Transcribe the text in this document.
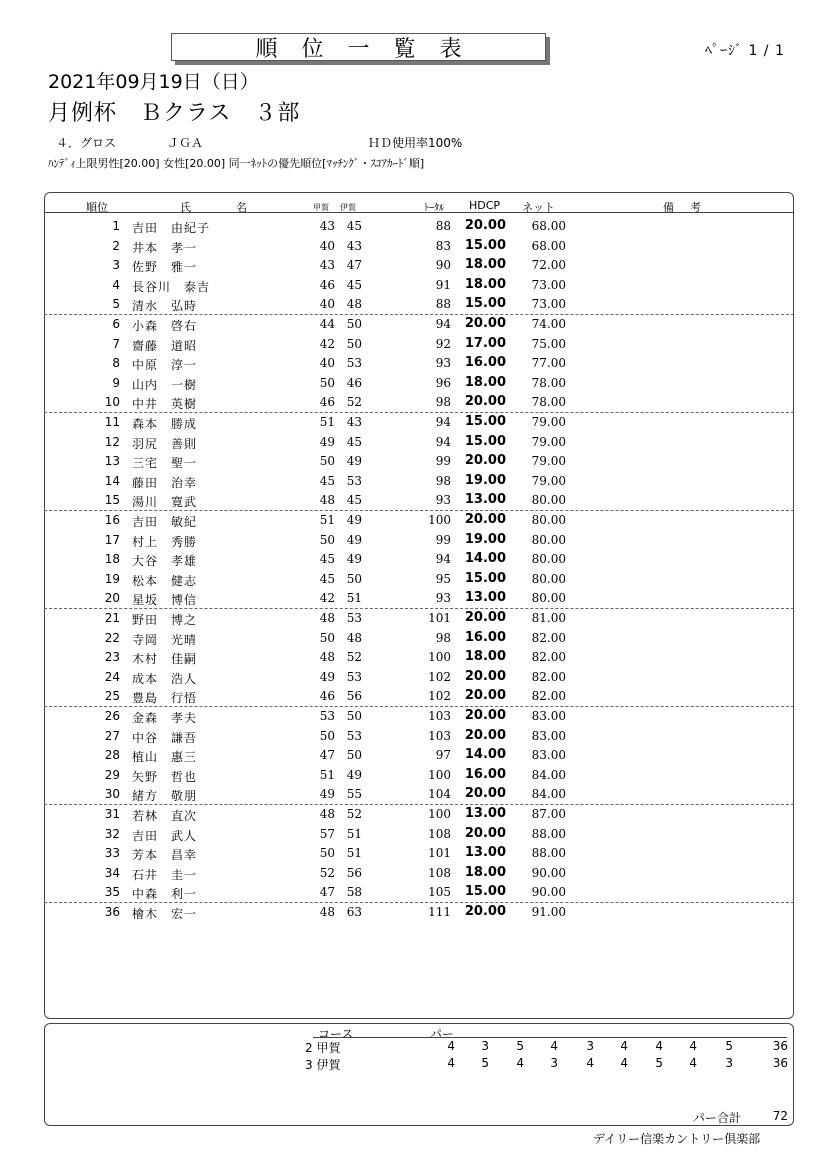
順位一覧表	ﾍﾟｰｼﾞ 1 / 1
2021年09月19日（日）
月例杯　Ｂクラス　３部
４．グロス	ＪＧＡ	ＨＤ使用率100%
ﾊﾝﾃﾞｨ上限男性[20.00] 女性[20.00] 同一ﾈｯﾄの優先順位[ﾏｯﾁﾝｸﾞ・ｽｺｱｶｰﾄﾞ順]
順位	氏	名	甲賀 伊賀	ﾄｰﾀﾙ HDCP ネット	備 考
1 吉田　由紀子	43 45	88 20.00	68.00
2 井本　孝一	40 43	83 15.00	68.00
3 佐野　雅一	43 47	90 18.00	72.00
4 長谷川　泰吉	46 45	91 18.00	73.00
5 清水　弘時	40 48	88 15.00	73.00
6 小森　啓右	44 50	94 20.00	74.00
7 齋藤　道昭	42 50	92 17.00	75.00
8 中原　淳一	40 53	93 16.00	77.00
9 山内　一樹	50 46	96 18.00	78.00
10 中井　英樹	46 52	98 20.00	78.00
11 森本　勝成	51 43	94 15.00	79.00
12 羽尻　善則	49 45	94 15.00	79.00
13 三宅　聖一	50 49	99 20.00	79.00
14 藤田　治幸	45 53	98 19.00	79.00
15 湯川　寛武	48 45	93 13.00	80.00
16 吉田　敏紀	51 49	100 20.00	80.00
17 村上　秀勝	50 49	99 19.00	80.00
18 大谷　孝雄	45 49	94 14.00	80.00
19 松本　健志	45 50	95 15.00	80.00
20 星坂　博信	42 51	93 13.00	80.00
21 野田　博之	48 53	101 20.00	81.00
22 寺岡　光晴	50 48	98 16.00	82.00
23 木村　佳嗣	48 52	100 18.00	82.00
24 成本　浩人	49 53	102 20.00	82.00
25 豊島　行悟	46 56	102 20.00	82.00
26 金森　孝夫	53 50	103 20.00	83.00
27 中谷　謙吾	50 53	103 20.00	83.00
28 植山　惠三	47 50	97 14.00	83.00
29 矢野　哲也	51 49	100 16.00	84.00
30 緒方　敬朋	49 55	104 20.00	84.00
31 若林　直次	48 52	100 13.00	87.00
32 吉田　武人	57 51	108 20.00	88.00
33 芳本　昌幸	50 51	101 13.00	88.00
34 石井　圭一	52 56	108 18.00	90.00
35 中森　利一	47 58	105 15.00	90.00
36 檜木　宏一	48 63	111 20.00	91.00
コース	パー
2 甲賀	4	3	5	4	3	4	4	4	5	36
3 伊賀	4	5	4	3	4	4	5	4	3	36
パー合計	72
デイリー信楽カントリー倶楽部
